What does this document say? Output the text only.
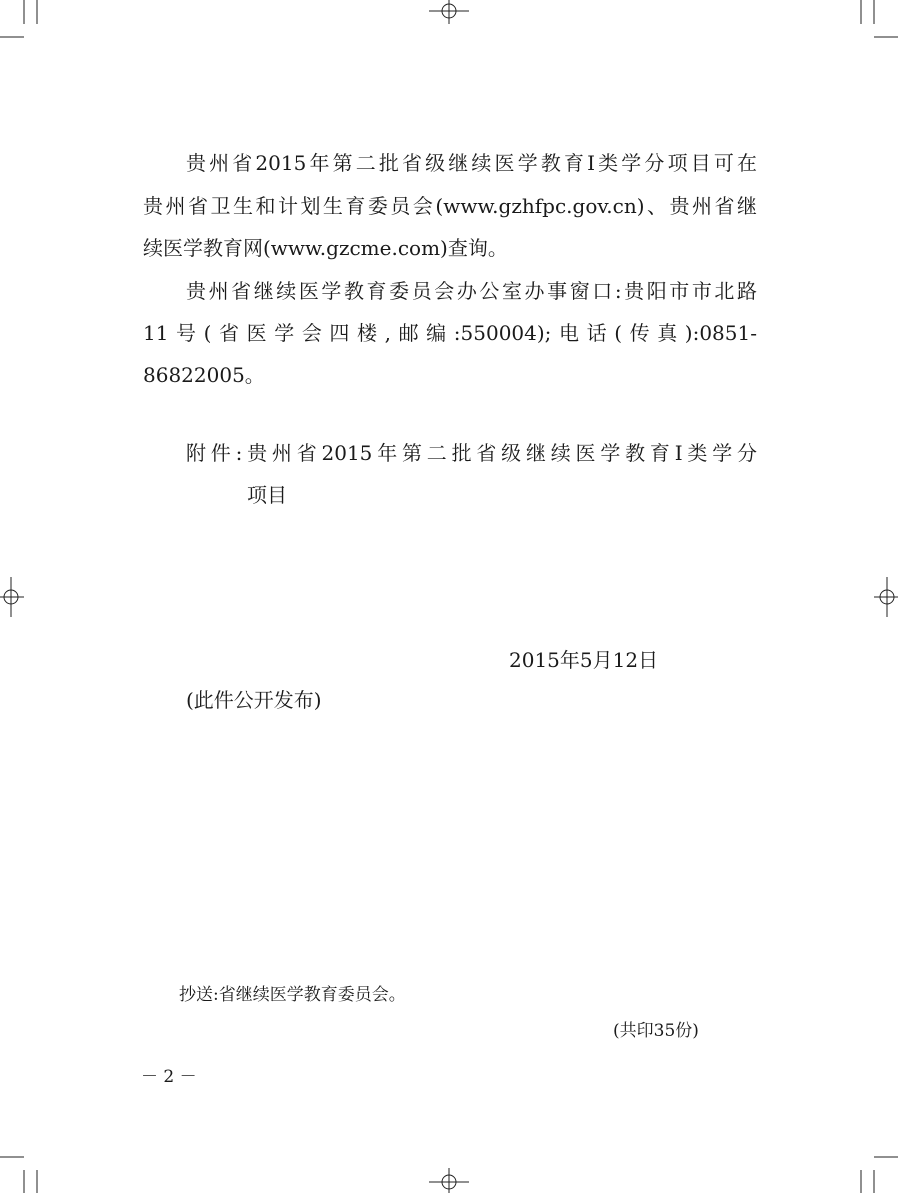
贵州省2015年第二批省级继续医学教育Ⅰ类学分项目可在
贵州省卫生和计划生育委员会(www.gzhfpc.gov.cn)、贵州省继
续医学教育网(www.gzcme.com)查询。
贵州省继续医学教育委员会办公室办事窗口:贵阳市市北路
11号(省医学会四楼,邮编:550004);电话(传真):0851-
86822005。
附件:贵州省2015年第二批省级继续医学教育Ⅰ类学分
项目
2015年5月12日
(此件公开发布)
抄送:省继续医学教育委员会。
(共印35份)
－ 2 －
